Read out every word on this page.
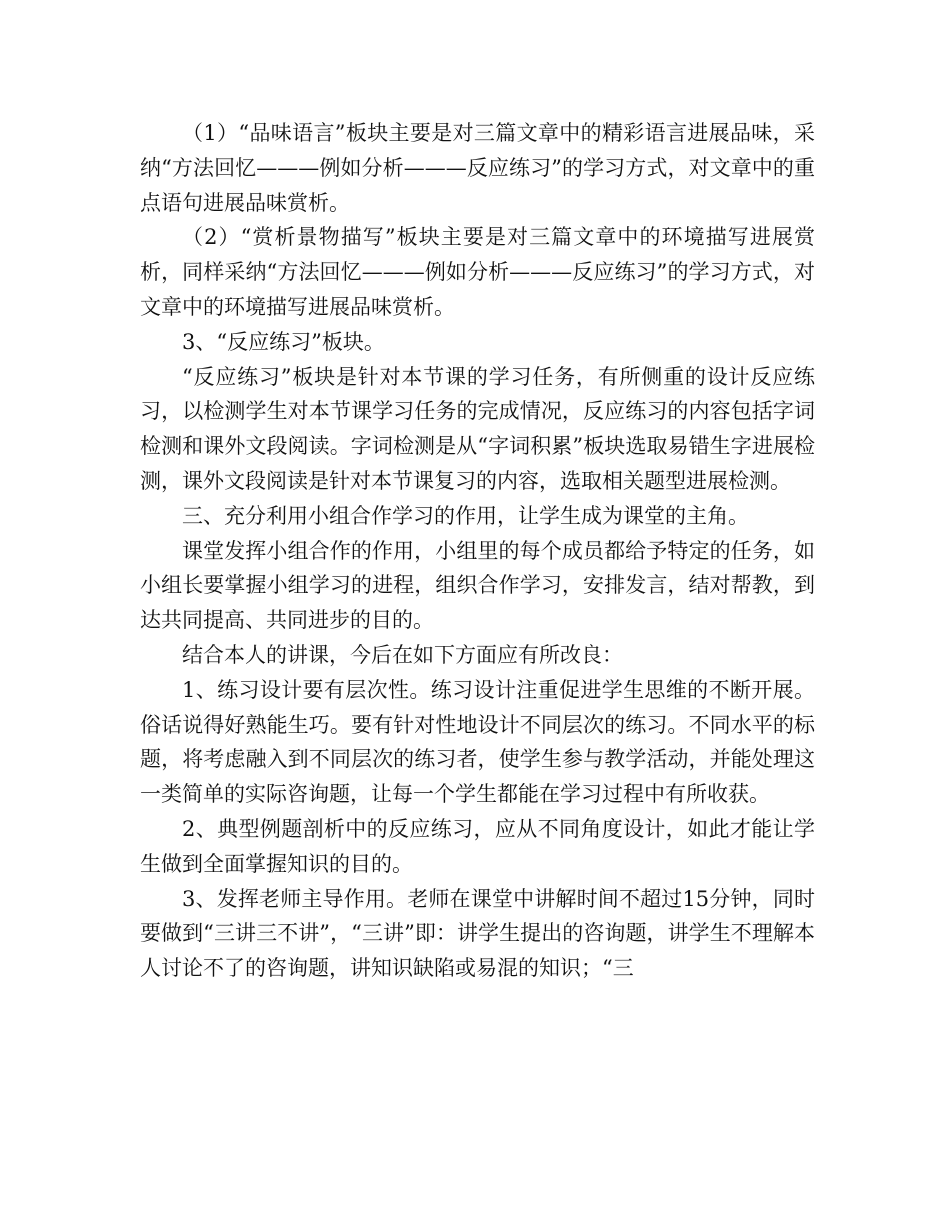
（1）“品味语言”板块主要是对三篇文章中的精彩语言进展品味，采纳“方法回忆———例如分析———反应练习”的学习方式，对文章中的重点语句进展品味赏析。

（2）“赏析景物描写”板块主要是对三篇文章中的环境描写进展赏析，同样采纳“方法回忆———例如分析———反应练习”的学习方式，对文章中的环境描写进展品味赏析。

3、“反应练习”板块。

“反应练习”板块是针对本节课的学习任务，有所侧重的设计反应练习，以检测学生对本节课学习任务的完成情况，反应练习的内容包括字词检测和课外文段阅读。字词检测是从“字词积累”板块选取易错生字进展检测，课外文段阅读是针对本节课复习的内容，选取相关题型进展检测。

三、充分利用小组合作学习的作用，让学生成为课堂的主角。

课堂发挥小组合作的作用，小组里的每个成员都给予特定的任务，如小组长要掌握小组学习的进程，组织合作学习，安排发言，结对帮教，到达共同提高、共同进步的目的。

结合本人的讲课，今后在如下方面应有所改良：

1、练习设计要有层次性。练习设计注重促进学生思维的不断开展。俗话说得好熟能生巧。要有针对性地设计不同层次的练习。不同水平的标题，将考虑融入到不同层次的练习者，使学生参与教学活动，并能处理这一类简单的实际咨询题，让每一个学生都能在学习过程中有所收获。

2、典型例题剖析中的反应练习，应从不同角度设计，如此才能让学生做到全面掌握知识的目的。

3、发挥老师主导作用。老师在课堂中讲解时间不超过15分钟，同时要做到“三讲三不讲”，“三讲”即：讲学生提出的咨询题，讲学生不理解本人讨论不了的咨询题，讲知识缺陷或易混的知识；“三
